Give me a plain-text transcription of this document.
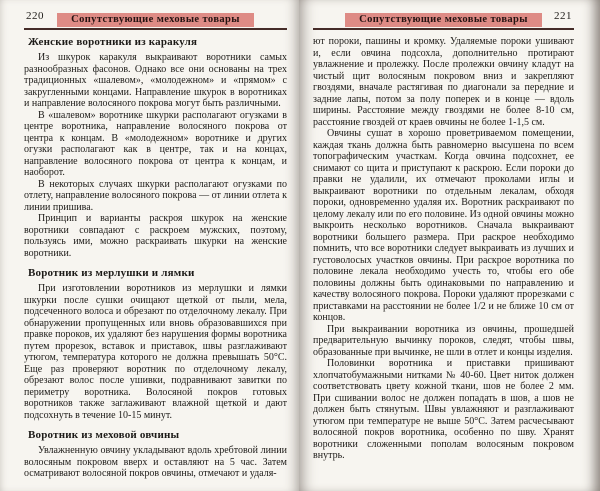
220	Сопутствующие меховые товары
Женские воротники из каракуля

Из шкурок каракуля выкраивают воротники самых разнообразных фасонов. Однако все они основаны на трех традиционных «шалевом», «молодежном» и «прямом» с закругленными концами. Направление шкурок в воротниках и направление волосяного покрова могут быть различными.

В «шалевом» воротнике шкурки располагают огузками в центре воротника, направление волосяного покрова от центра к концам. В «молодежном» воротнике и других огузки располагают как в центре, так и на концах, направление волосяного покрова от центра к концам, и наоборот.

В некоторых случаях шкурки располагают огузками по отлету, направление волосяного покрова — от линии отлета к линии пришива.

Принцип и варианты раскроя шкурок на женские воротники совпадают с раскроем мужских, поэтому, пользуясь ими, можно раскраивать шкурки на женские воротники.

Воротник из мерлушки и лямки

При изготовлении воротников из мерлушки и лямки шкурки после сушки очищают щеткой от пыли, мела, подсеченного волоса и обрезают по отделочному лекалу. При обнаружении пропущенных или вновь образовавшихся при правке пороков, их удаляют без нарушения формы воротника путем прорезок, вставок и приставок, швы разглаживают утюгом, температура которого не должна превышать 50°С. Еще раз проверяют воротник по отделочному лекалу, обрезают волос после ушивки, подравнивают завитки по периметру воротника. Волосяной покров готовых воротников также заглаживают влажной щеткой и дают подсохнуть в течение 10-15 минут.

Воротник из меховой овчины

Увлажненную овчину укладывают вдоль хребтовой линии волосяным покровом вверх и оставляют на 5 час. Затем осматривают волосяной покров овчины, отмечают и удаля-

Сопутствующие меховые товары 221

ют пороки, пашины и кромку. Удаляемые пороки ушивают и, если овчина подсохла, дополнительно протирают увлажнение и пролежку. После пролежки овчину кладут на чистый щит волосяным покровом вниз и закрепляют гвоздями, вначале растягивая по диагонали за передние и задние лапы, потом за полу поперек и в конце — вдоль ширины. Расстояние между гвоздями не более 8-10 см, расстояние гвоздей от краев овчины не более 1-1,5 см.

Овчины сушат в хорошо проветриваемом помещении, каждая ткань должна быть равномерно высушена по всем топографическим участкам. Когда овчина подсохнет, ее снимают со щита и приступают к раскрою. Если пороки до правки не удалили, их отмечают проколами иглы и выкраивают воротники по отдельным лекалам, обходя пороки, одновременно удаляя их. Воротник раскраивают по целому лекалу или по его половине. Из одной овчины можно выкроить несколько воротников. Сначала выкраивают воротники большего размера. При раскрое необходимо помнить, что все воротники следует выкраивать из лучших и густоволосых участков овчины. При раскрое воротника по половине лекала необходимо учесть то, чтобы его обе половины должны быть одинаковыми по направлению и качеству волосяного покрова. Пороки удаляют прорезками с приставками на расстоянии не более 1/2 и не ближе 10 см от концов.

При выкраивании воротника из овчины, прошедшей предварительную вычинку пороков, следят, чтобы швы, образованные при вычинке, не шли в отлет и концы изделия.

Половинки воротника и приставки пришивают хлопчатобумажными нитками № 40-60. Цвет ниток должен соответствовать цвету кожной ткани, шов не более 2 мм. При сшивании волос не должен попадать в шов, а шов не должен быть стянутым. Швы увлажняют и разглаживают утюгом при температуре не выше 50°С. Затем расчесывают волосяной покров воротника, особенно по шву. Хранят воротники сложенными пополам волосяным покровом внутрь.
